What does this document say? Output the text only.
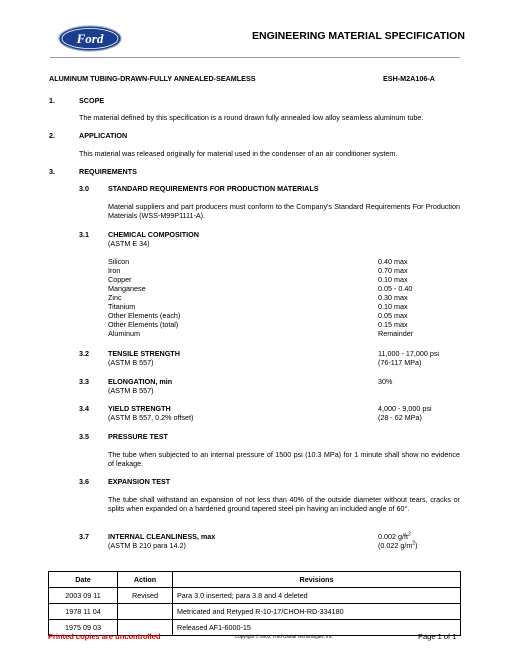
Ford	ENGINEERING MATERIAL SPECIFICATION
ALUMINUM TUBING-DRAWN-FULLY ANNEALED-SEAMLESS	ESH-M2A106-A
1.	SCOPE
The material defined by this specification is a round drawn fully annealed low alloy seamless aluminum tube.
2.	APPLICATION
This material was released originally for material used in the condenser of an air conditioner system.
3.	REQUIREMENTS
3.0	STANDARD REQUIREMENTS FOR PRODUCTION MATERIALS
Material suppliers and part producers must conform to the Company's Standard Requirements For Production Materials (WSS-M99P1111-A).
3.1	CHEMICAL COMPOSITION
(ASTM E 34)
Silicon	0.40 max
Iron	0.70 max
Copper	0.10 max
Manganese	0.05 - 0.40
Zinc	0.30 max
Titanium	0.10 max
Other Elements (each)	0.05 max
Other Elements (total)	0.15 max
Aluminum	Remainder
3.2	TENSILE STRENGTH
(ASTM B 557)
11,000 - 17,000 psi
(76-117 MPa)
3.3	ELONGATION, min
(ASTM B 557)
30%
3.4	YIELD STRENGTH
(ASTM B 557, 0.2% offset)
4,000 - 9,000 psi
(28 - 62 MPa)
3.5	PRESSURE TEST
The tube when subjected to an internal pressure of 1500 psi (10.3 MPa) for 1 minute shall show no evidence of leakage.
3.6	EXPANSION TEST
The tube shall withstand an expansion of not less than 40% of the outside diameter without tears, cracks or splits when expanded on a hardened ground tapered steel pin having an included angle of 60°.
3.7	INTERNAL CLEANLINESS, max
(ASTM B 210 para 14.2)
0.002 $g/ft^2$
(0.022 $g/m^2$)
Date	Action	Revisions
2003 09 11	Revised	Para 3.0 inserted; para 3.8 and 4 deleted
1978 11 04		Metricated and Retyped R-10-17/CHOH-RD-334180
1975 09 03		Released AF1-6000-15
Printed copies are uncontrolled	Copyright © 2003, Ford Global Technologies, Inc.	Page 1 of 1
